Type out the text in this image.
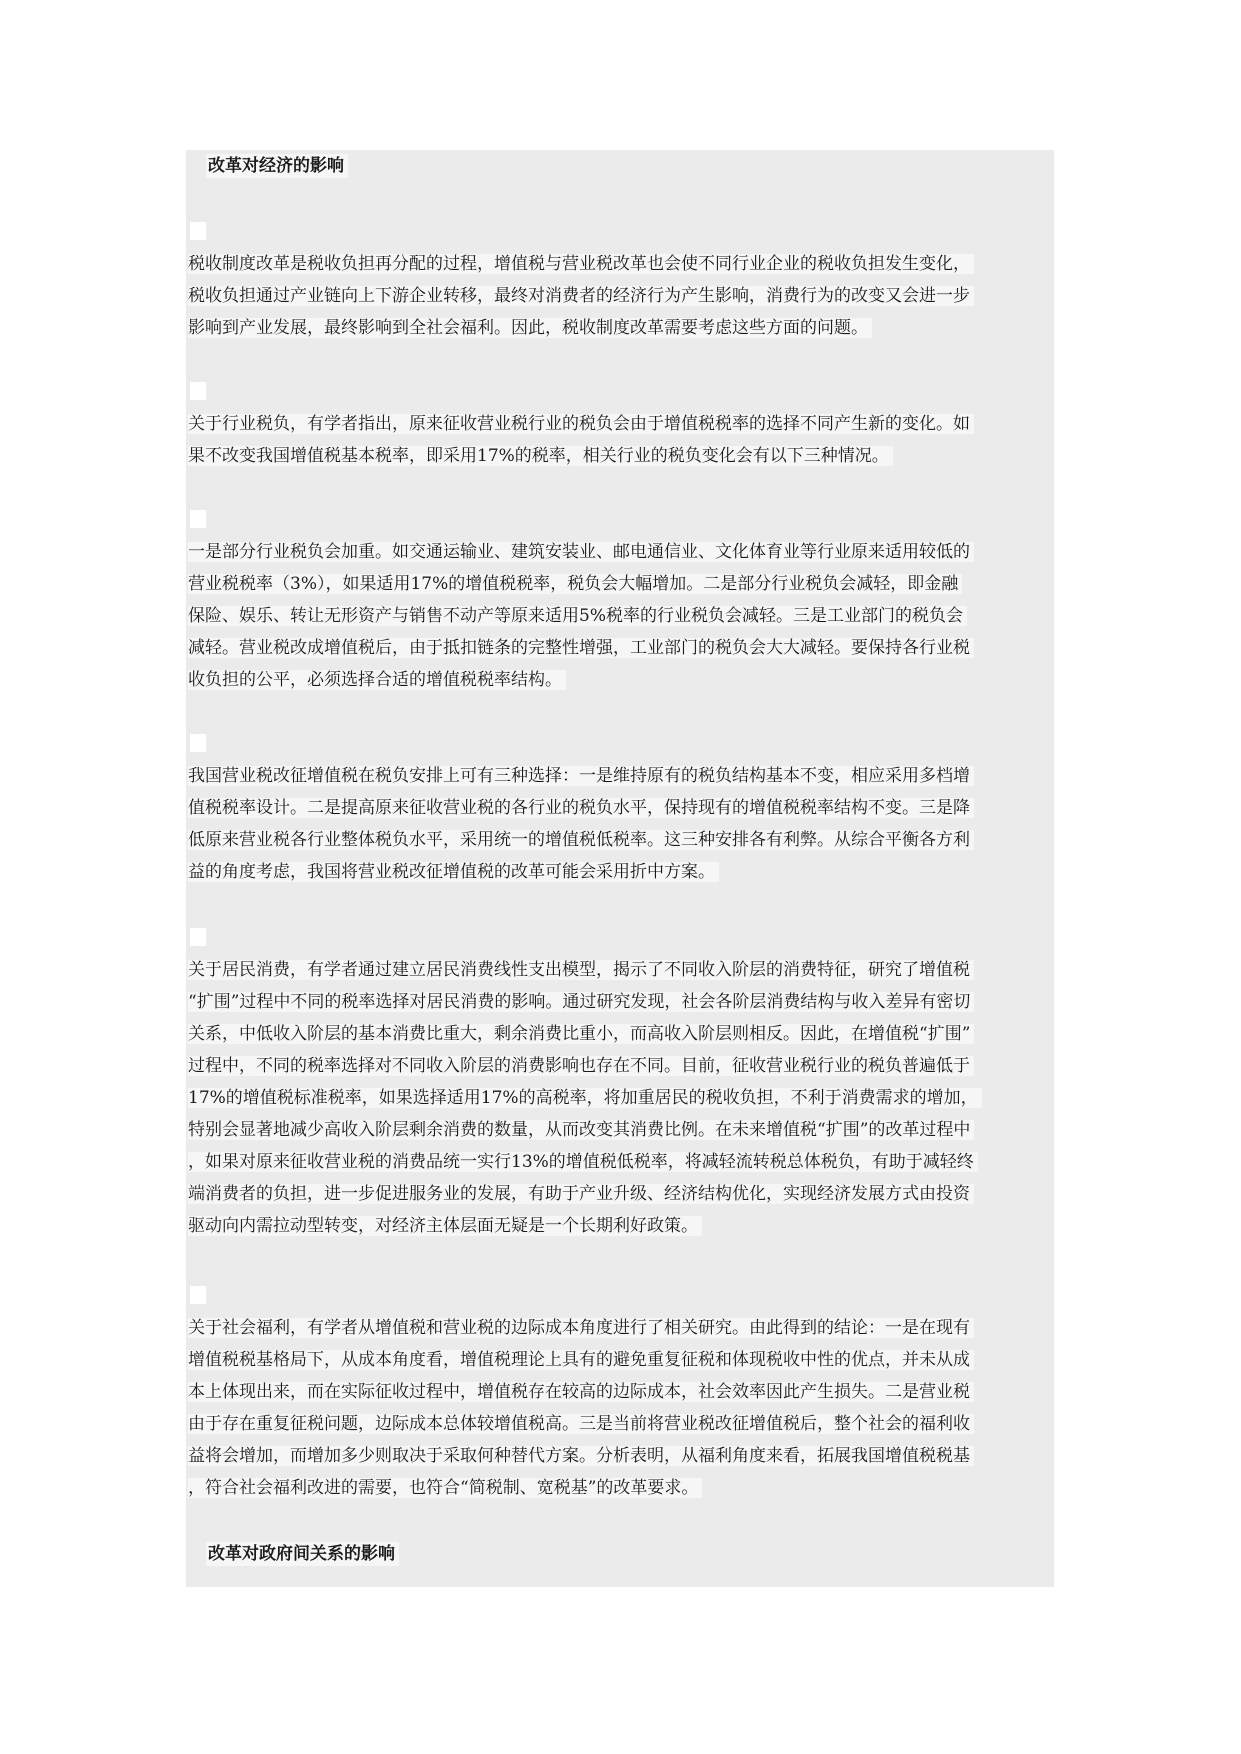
改革对经济的影响
税收制度改革是税收负担再分配的过程，增值税与营业税改革也会使不同行业企业的税收负担发生变化，
税收负担通过产业链向上下游企业转移，最终对消费者的经济行为产生影响，消费行为的改变又会进一步
影响到产业发展，最终影响到全社会福利。因此，税收制度改革需要考虑这些方面的问题。
关于行业税负，有学者指出，原来征收营业税行业的税负会由于增值税税率的选择不同产生新的变化。如
果不改变我国增值税基本税率，即采用17%的税率，相关行业的税负变化会有以下三种情况。
一是部分行业税负会加重。如交通运输业、建筑安装业、邮电通信业、文化体育业等行业原来适用较低的
营业税税率（3%），如果适用17%的增值税税率，税负会大幅增加。二是部分行业税负会减轻，即金融
保险、娱乐、转让无形资产与销售不动产等原来适用5%税率的行业税负会减轻。三是工业部门的税负会
减轻。营业税改成增值税后，由于抵扣链条的完整性增强，工业部门的税负会大大减轻。要保持各行业税
收负担的公平，必须选择合适的增值税税率结构。
我国营业税改征增值税在税负安排上可有三种选择：一是维持原有的税负结构基本不变，相应采用多档增
值税税率设计。二是提高原来征收营业税的各行业的税负水平，保持现有的增值税税率结构不变。三是降
低原来营业税各行业整体税负水平，采用统一的增值税低税率。这三种安排各有利弊。从综合平衡各方利
益的角度考虑，我国将营业税改征增值税的改革可能会采用折中方案。
关于居民消费，有学者通过建立居民消费线性支出模型，揭示了不同收入阶层的消费特征，研究了增值税
“扩围”过程中不同的税率选择对居民消费的影响。通过研究发现，社会各阶层消费结构与收入差异有密切
关系，中低收入阶层的基本消费比重大，剩余消费比重小，而高收入阶层则相反。因此，在增值税“扩围”
过程中，不同的税率选择对不同收入阶层的消费影响也存在不同。目前，征收营业税行业的税负普遍低于
17%的增值税标准税率，如果选择适用17%的高税率，将加重居民的税收负担，不利于消费需求的增加，
特别会显著地减少高收入阶层剩余消费的数量，从而改变其消费比例。在未来增值税“扩围”的改革过程中
，如果对原来征收营业税的消费品统一实行13%的增值税低税率，将减轻流转税总体税负，有助于减轻终
端消费者的负担，进一步促进服务业的发展，有助于产业升级、经济结构优化，实现经济发展方式由投资
驱动向内需拉动型转变，对经济主体层面无疑是一个长期利好政策。
关于社会福利，有学者从增值税和营业税的边际成本角度进行了相关研究。由此得到的结论：一是在现有
增值税税基格局下，从成本角度看，增值税理论上具有的避免重复征税和体现税收中性的优点，并未从成
本上体现出来，而在实际征收过程中，增值税存在较高的边际成本，社会效率因此产生损失。二是营业税
由于存在重复征税问题，边际成本总体较增值税高。三是当前将营业税改征增值税后，整个社会的福利收
益将会增加，而增加多少则取决于采取何种替代方案。分析表明，从福利角度来看，拓展我国增值税税基
，符合社会福利改进的需要，也符合“简税制、宽税基”的改革要求。
改革对政府间关系的影响
